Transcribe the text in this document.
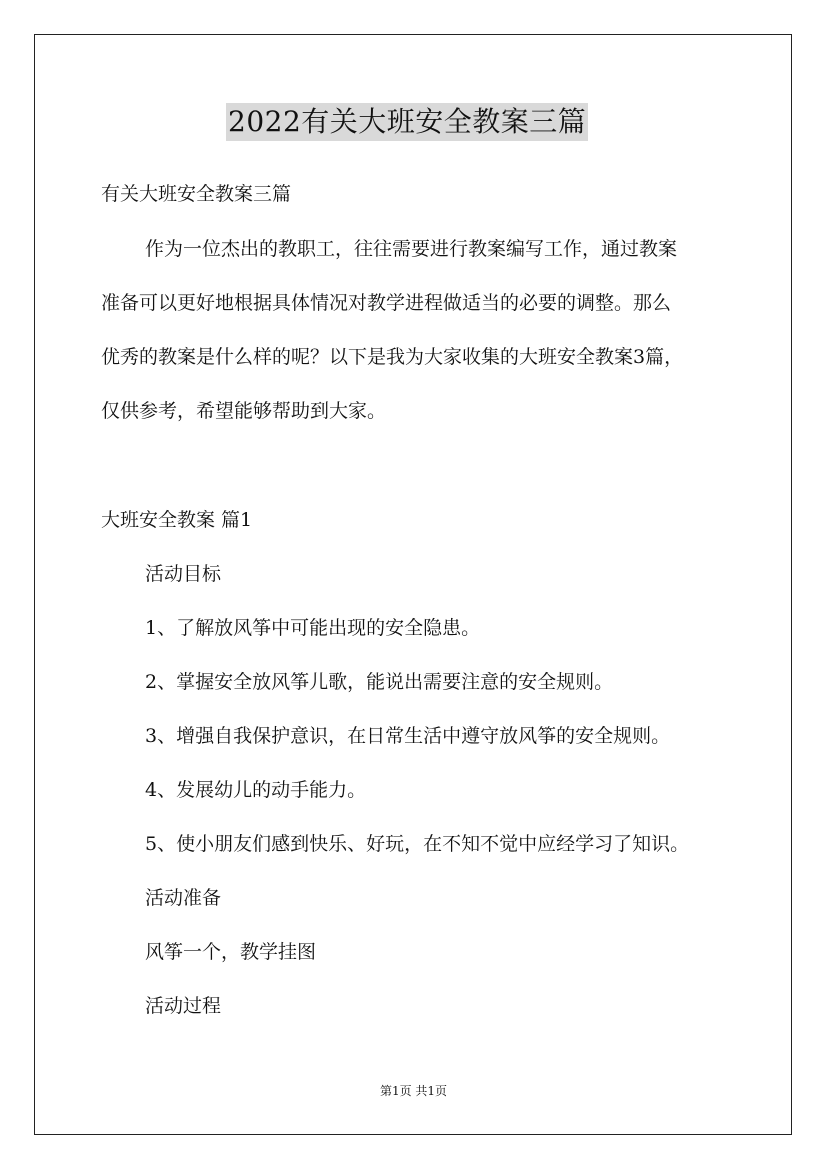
2022有关大班安全教案三篇
有关大班安全教案三篇
作为一位杰出的教职工，往往需要进行教案编写工作，通过教案
准备可以更好地根据具体情况对教学进程做适当的必要的调整。那么
优秀的教案是什么样的呢？以下是我为大家收集的大班安全教案3篇，
仅供参考，希望能够帮助到大家。
大班安全教案 篇1
活动目标
1、了解放风筝中可能出现的安全隐患。
2、掌握安全放风筝儿歌，能说出需要注意的安全规则。
3、增强自我保护意识，在日常生活中遵守放风筝的安全规则。
4、发展幼儿的动手能力。
5、使小朋友们感到快乐、好玩，在不知不觉中应经学习了知识。
活动准备
风筝一个，教学挂图
活动过程
第1页 共1页
